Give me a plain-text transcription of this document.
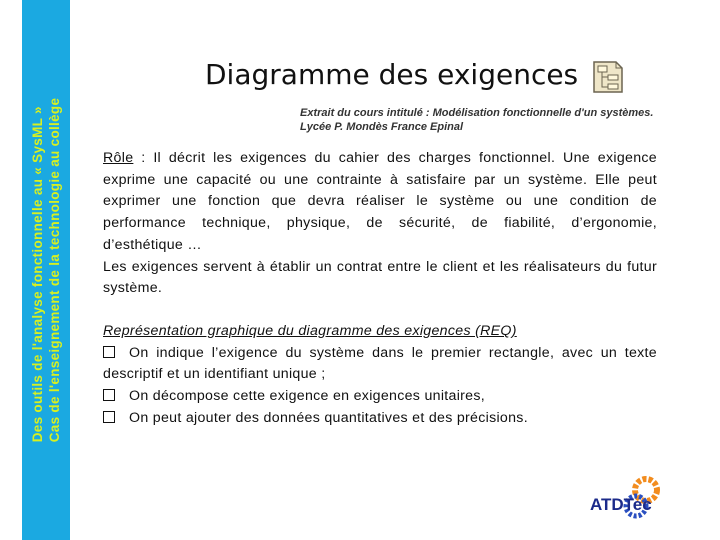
Des outils de l'analyse fonctionnelle au « SysML » Cas de l'enseignement de la technologie au collège
Diagramme des exigences
Extrait du cours intitulé : Modélisation fonctionnelle d'un systèmes.
Lycée P. Mondès France Epinal
Rôle : Il décrit les exigences du cahier des charges fonctionnel. Une exigence exprime une capacité ou une contrainte à satisfaire par un système. Elle peut exprimer une fonction que devra réaliser le système ou une condition de performance technique, physique, de sécurité, de fiabilité, d’ergonomie, d’esthétique …
Les exigences servent à établir un contrat entre le client et les réalisateurs du futur système.
Représentation graphique du diagramme des exigences (REQ)
On indique l’exigence du système dans le premier rectangle, avec un texte descriptif et un identifiant unique ;
On décompose cette exigence en exigences unitaires,
On peut ajouter des données quantitatives et des précisions.
ATDTec
